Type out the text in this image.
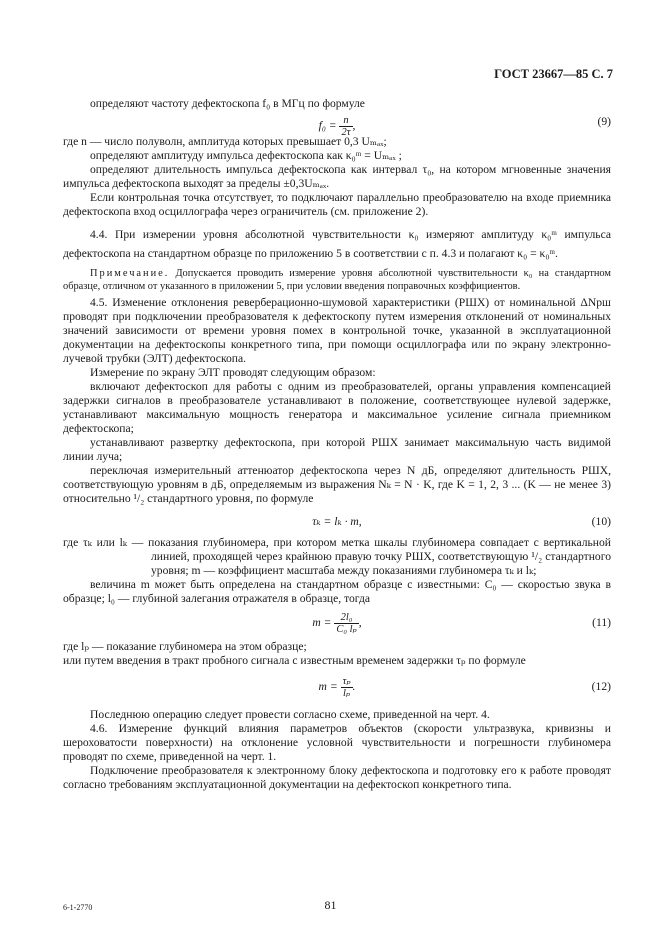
ГОСТ 23667—85 С. 7

определяют частоту дефектоскопа f₀ в МГц по формуле

$f_0 = \frac{n}{2\tau}$ ,	(9)

где n — число полуволн, амплитуда которых превышает 0,3 Uₘₐₓ;

определяют амплитуду импульса дефектоскопа как κ₀ᵐ = Uₘₐₓ ;

определяют длительность импульса дефектоскопа как интервал τ₀, на котором мгновенные значения импульса дефектоскопа выходят за пределы ±0,3Uₘₐₓ.

Если контрольная точка отсутствует, то подключают параллельно преобразователю на входе приемника дефектоскопа вход осциллографа через ограничитель (см. приложение 2).

4.4. При измерении уровня абсолютной чувствительности κ₀ измеряют амплитуду κ₀ᵐ импульса дефектоскопа на стандартном образце по приложению 5 в соответствии с п. 4.3 и полагают κ₀ = κ₀ᵐ.

Примечание. Допускается проводить измерение уровня абсолютной чувствительности κ₀ на стандартном образце, отличном от указанного в приложении 5, при условии введения поправочных коэффициентов.

4.5. Изменение отклонения реверберационно-шумовой характеристики (РШХ) от номинальной ΔNрш проводят при подключении преобразователя к дефектоскопу путем измерения отклонений от номинальных значений зависимости от времени уровня помех в контрольной точке, указанной в эксплуатационной документации на дефектоскопы конкретного типа, при помощи осциллографа или по экрану электронно-лучевой трубки (ЭЛТ) дефектоскопа.

Измерение по экрану ЭЛТ проводят следующим образом:

включают дефектоскоп для работы с одним из преобразователей, органы управления компенсацией задержки сигналов в преобразователе устанавливают в положение, соответствующее нулевой задержке, устанавливают максимальную мощность генератора и максимальное усиление сигнала приемником дефектоскопа;

устанавливают развертку дефектоскопа, при которой РШХ занимает максимальную часть видимой линии луча;

переключая измерительный аттенюатор дефектоскопа через N дБ, определяют длительность РШХ, соответствующую уровням в дБ, определяемым из выражения Nₖ = N · K, где K = 1, 2, 3 ... (K — не менее 3) относительно ¹/₂ стандартного уровня, по формуле

τₖ = lₖ · m,	(10)

где τₖ или lₖ — показания глубиномера, при котором метка шкалы глубиномера совпадает с вертикальной линией, проходящей через крайнюю правую точку РШХ, соответствующую ¹/₂ стандартного уровня; m — коэффициент масштаба между показаниями глубиномера τₖ и lₖ;

величина m может быть определена на стандартном образце с известными: C₀ — скоростью звука в образце; l₀ — глубиной залегания отражателя в образце, тогда

$m = \frac{\text{2l₀}}{\text{C₀ lₚ}}$ ,	(11)

где lₚ — показание глубиномера на этом образце;

или путем введения в тракт пробного сигнала с известным временем задержки τₚ по формуле

$m = \frac{\text{τₚ}}{\text{lₚ}}$ .	(12)

Последнюю операцию следует провести согласно схеме, приведенной на черт. 4.

4.6. Измерение функций влияния параметров объектов (скорости ультразвука, кривизны и шероховатости поверхности) на отклонение условной чувствительности и погрешности глубиномера проводят по схеме, приведенной на черт. 1.

Подключение преобразователя к электронному блоку дефектоскопа и подготовку его к работе проводят согласно требованиям эксплуатационной документации на дефектоскоп конкретного типа.

6-1-2770	81
